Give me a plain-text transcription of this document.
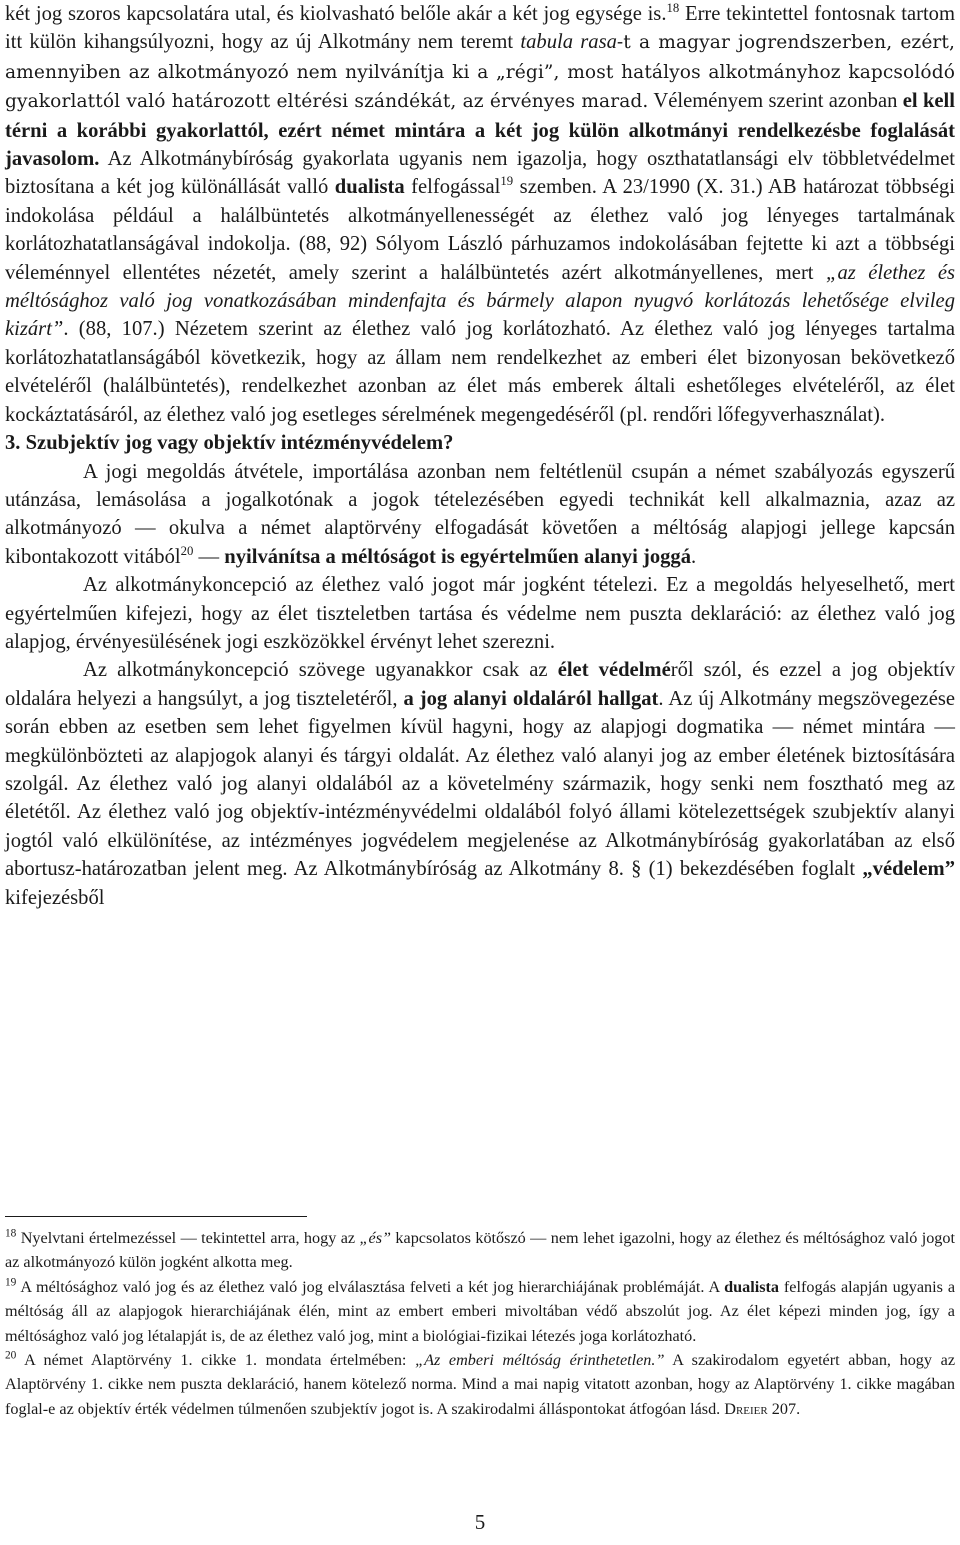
két jog szoros kapcsolatára utal, és kiolvasható belőle akár a két jog egysége is.$^{18}$ Erre tekintettel fontosnak tartom itt külön kihangsúlyozni, hogy az új Alkotmány nem teremt tabula rasa-t a magyar jogrendszerben, ezért, amennyiben az alkotmányozó nem nyilvánítja ki a „régi”, most hatályos alkotmányhoz kapcsolódó gyakorlattól való határozott eltérési szándékát, az érvényes marad. Véleményem szerint azonban el kell térni a korábbi gyakorlattól, ezért német mintára a két jog külön alkotmányi rendelkezésbe foglalását javasolom. Az Alkotmánybíróság gyakorlata ugyanis nem igazolja, hogy oszthatatlansági elv többletvédelmet biztosítana a két jog különállását valló dualista felfogással$^{19}$ szemben. A 23/1990 (X. 31.) AB határozat többségi indokolása például a halálbüntetés alkotmányellenességét az élethez való jog lényeges tartalmának korlátozhatatlanságával indokolja. (88, 92) Sólyom László párhuzamos indokolásában fejtette ki azt a többségi véleménnyel ellentétes nézetét, amely szerint a halálbüntetés azért alkotmányellenes, mert „az élethez és méltósághoz való jog vonatkozásában mindenfajta és bármely alapon nyugvó korlátozás lehetősége elvileg kizárt”. (88, 107.) Nézetem szerint az élethez való jog korlátozható. Az élethez való jog lényeges tartalma korlátozhatatlanságából következik, hogy az állam nem rendelkezhet az emberi élet bizonyosan bekövetkező elvételéről (halálbüntetés), rendelkezhet azonban az élet más emberek általi eshetőleges elvételéről, az élet kockáztatásáról, az élethez való jog esetleges sérelmének megengedéséről (pl. rendőri lőfegyverhasználat).

3. Szubjektív jog vagy objektív intézményvédelem?

A jogi megoldás átvétele, importálása azonban nem feltétlenül csupán a német szabályozás egyszerű utánzása, lemásolása a jogalkotónak a jogok tételezésében egyedi technikát kell alkalmaznia, azaz az alkotmányozó — okulva a német alaptörvény elfogadását követően a méltóság alapjogi jellege kapcsán kibontakozott vitából$^{20}$ — nyilvánítsa a méltóságot is egyértelműen alanyi joggá.

Az alkotmánykoncepció az élethez való jogot már jogként tételezi. Ez a megoldás helyeselhető, mert egyértelműen kifejezi, hogy az élet tiszteletben tartása és védelme nem puszta deklaráció: az élethez való jog alapjog, érvényesülésének jogi eszközökkel érvényt lehet szerezni.

Az alkotmánykoncepció szövege ugyanakkor csak az élet védelméről szól, és ezzel a jog objektív oldalára helyezi a hangsúlyt, a jog tiszteletéről, a jog alanyi oldaláról hallgat. Az új Alkotmány megszövegezése során ebben az esetben sem lehet figyelmen kívül hagyni, hogy az alapjogi dogmatika — német mintára — megkülönbözteti az alapjogok alanyi és tárgyi oldalát. Az élethez való alanyi jog az ember életének biztosítására szolgál. Az élethez való jog alanyi oldalából az a követelmény származik, hogy senki nem fosztható meg az életétől. Az élethez való jog objektív-intézményvédelmi oldalából folyó állami kötelezettségek szubjektív alanyi jogtól való elkülönítése, az intézményes jogvédelem megjelenése az Alkotmánybíróság gyakorlatában az első abortusz-határozatban jelent meg. Az Alkotmánybíróság az Alkotmány 8. § (1) bekezdésében foglalt „védelem” kifejezésből

$^{18}$ Nyelvtani értelmezéssel — tekintettel arra, hogy az „és” kapcsolatos kötőszó — nem lehet igazolni, hogy az élethez és méltósághoz való jogot az alkotmányozó külön jogként alkotta meg.

$^{19}$ A méltósághoz való jog és az élethez való jog elválasztása felveti a két jog hierarchiájának problémáját. A dualista felfogás alapján ugyanis a méltóság áll az alapjogok hierarchiájának élén, mint az embert emberi mivoltában védő abszolút jog. Az élet képezi minden jog, így a méltósághoz való jog létalapját is, de az élethez való jog, mint a biológiai-fizikai létezés joga korlátozható.

$^{20}$ A német Alaptörvény 1. cikke 1. mondata értelmében: „Az emberi méltóság érinthetetlen.” A szakirodalom egyetért abban, hogy az Alaptörvény 1. cikke nem puszta deklaráció, hanem kötelező norma. Mind a mai napig vitatott azonban, hogy az Alaptörvény 1. cikke magában foglal-e az objektív érték védelmen túlmenően szubjektív jogot is. A szakirodalmi álláspontokat átfogóan lásd. Dreier 207.

5
